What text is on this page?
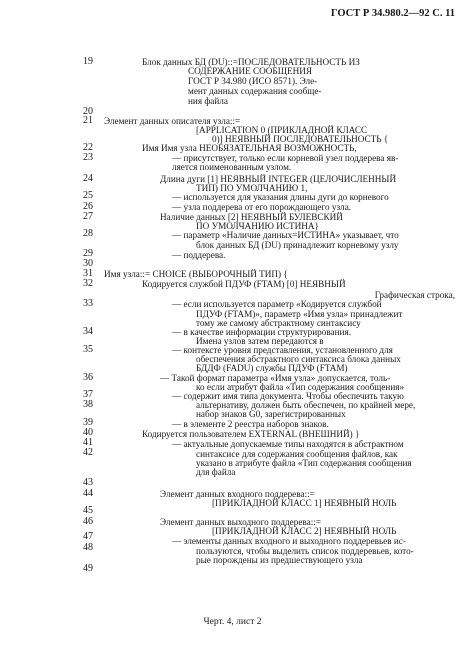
ГОСТ Р 34.980.2—92 С. 11
19
20
21
22
23
24
25
26
27
28
29
30
31
32
33
34
35
36
37
38
39
40
41
42
43
44
45
46
47
48
49
Блок данных БД (DU)::=ПОСЛЕДОВАТЕЛЬНОСТЬ ИЗ
СОДЕРЖАНИЕ СООБЩЕНИЯ
ГОСТ Р 34.980 (ИСО 8571). Эле-
мент данных содержания сообще-
ния файла
Элемент данных описателя узла::=
[APPLICATION 0 (ПРИКЛАДНОЙ КЛАСС
0)] НЕЯВНЫЙ ПОСЛЕДОВАТЕЛЬНОСТЬ {
Имя Имя узла НЕОБЯЗАТЕЛЬНАЯ ВОЗМОЖНОСТЬ,
— присутствует, только если корневой узел поддерева яв-
ляется поименованным узлом.
Длина дуги [1] НЕЯВНЫЙ INTEGER (ЦЕЛОЧИСЛЕННЫЙ
ТИП) ПО УМОЛЧАНИЮ 1,
— используется для указания длины дуги до корневого
— узла поддерева от его порождающего узла.
Наличие данных [2] НЕЯВНЫЙ БУЛЕВСКИЙ
ПО УМОЛЧАНИЮ ИСТИНА}
— параметр «Наличие данных=ИСТИНА» указывает, что
блок данных БД (DU) принадлежит корневому узлу
— поддерева.
Имя узла::= CHOICE (ВЫБОРОЧНЫЙ ТИП) {
Кодируется службой ПДУФ (FTAM) [0] НЕЯВНЫЙ
Графическая строка,
— если используется параметр «Кодируется службой
ПДУФ (FTAM)», параметр «Имя узла» принадлежит
тому же самому абстрактному синтаксису
— в качестве информации структурирования.
Имена узлов затем передаются в
— контексте уровня представления, установленного для
обеспечения абстрактного синтаксиса блока данных
БДДФ (FADU) службы ПДУФ (FTAM)
— Такой формат параметра «Имя узла» допускается, толь-
ко если атрибут файла «Тип содержания сообщения»
— содержит имя типа документа. Чтобы обеспечить такую
альтернативу, должен быть обеспечен, по крайней мере,
набор знаков G0, зарегистрированных
— в элементе 2 реестра наборов знаков.
Кодируется пользователем EXTERNAL (ВНЕШНИЙ) }
— актуальные допускаемые типы находятся в абстрактном
синтаксисе для содержания сообщения файлов, как
указано в атрибуте файла «Тип содержания сообщения
для файла
Элемент данных входного поддерева::=
[ПРИКЛАДНОЙ КЛАСС 1] НЕЯВНЫЙ НОЛЬ
Элемент данных выходного поддерева::=
[ПРИКЛАДНОЙ КЛАСС 2] НЕЯВНЫЙ НОЛЬ
— элементы данных входного и выходного поддеревьев ис-
пользуются, чтобы выделить список поддеревьев, кото-
рые порождены из предшествующего узла
Черт. 4, лист 2
